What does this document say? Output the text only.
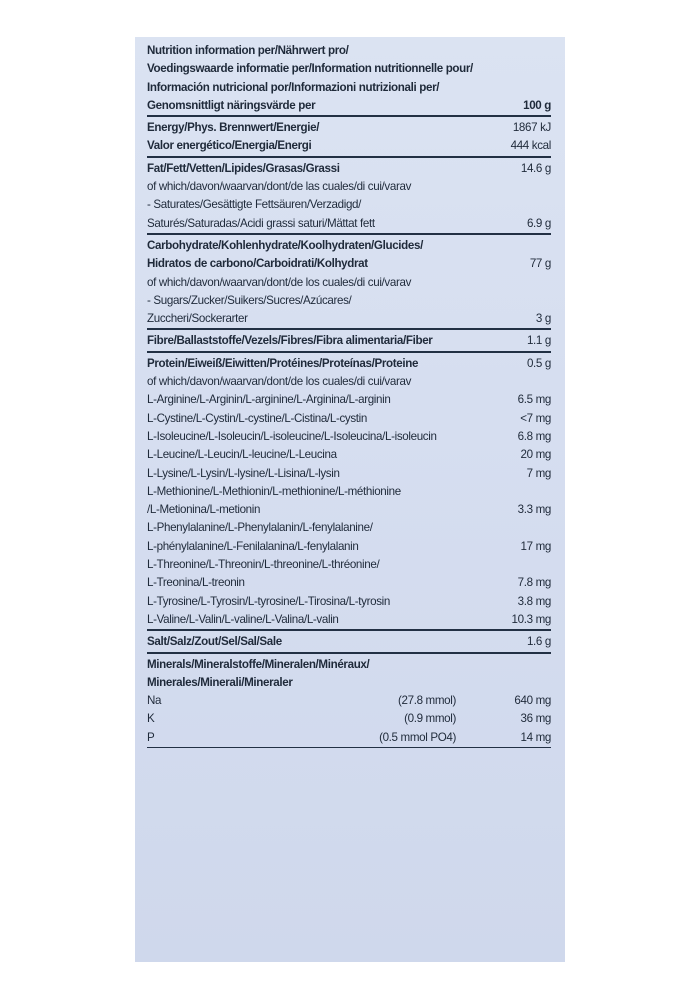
Nutrition information per/Nährwert pro/
Voedingswaarde informatie per/Information nutritionnelle pour/
Información nutricional por/Informazioni nutrizionali per/
Genomsnittligt näringsvärde per	100 g
Energy/Phys. Brennwert/Energie/	1867 kJ
Valor energético/Energia/Energi	444 kcal
Fat/Fett/Vetten/Lipides/Grasas/Grassi	14.6 g
of which/davon/waarvan/dont/de las cuales/di cui/varav
- Saturates/Gesättigte Fettsäuren/Verzadigd/
Saturés/Saturadas/Acidi grassi saturi/Mättat fett	6.9 g
Carbohydrate/Kohlenhydrate/Koolhydraten/Glucides/
Hidratos de carbono/Carboidrati/Kolhydrat	77 g
of which/davon/waarvan/dont/de los cuales/di cui/varav
- Sugars/Zucker/Suikers/Sucres/Azúcares/
Zuccheri/Sockerarter	3 g
Fibre/Ballaststoffe/Vezels/Fibres/Fibra alimentaria/Fiber	1.1 g
Protein/Eiweiß/Eiwitten/Protéines/Proteínas/Proteine	0.5 g
of which/davon/waarvan/dont/de los cuales/di cui/varav
L-Arginine/L-Arginin/L-arginine/L-Arginina/L-arginin	6.5 mg
L-Cystine/L-Cystin/L-cystine/L-Cistina/L-cystin	<7 mg
L-Isoleucine/L-Isoleucin/L-isoleucine/L-Isoleucina/L-isoleucin	6.8 mg
L-Leucine/L-Leucin/L-leucine/L-Leucina	20 mg
L-Lysine/L-Lysin/L-lysine/L-Lisina/L-lysin	7 mg
L-Methionine/L-Methionin/L-methionine/L-méthionine
/L-Metionina/L-metionin	3.3 mg
L-Phenylalanine/L-Phenylalanin/L-fenylalanine/
L-phénylalanine/L-Fenilalanina/L-fenylalanin	17 mg
L-Threonine/L-Threonin/L-threonine/L-thréonine/
L-Treonina/L-treonin	7.8 mg
L-Tyrosine/L-Tyrosin/L-tyrosine/L-Tirosina/L-tyrosin	3.8 mg
L-Valine/L-Valin/L-valine/L-Valina/L-valin	10.3 mg
Salt/Salz/Zout/Sel/Sal/Sale	1.6 g
Minerals/Mineralstoffe/Mineralen/Minéraux/
Minerales/Minerali/Mineraler
Na	(27.8 mmol)	640 mg
K	(0.9 mmol)	36 mg
P	(0.5 mmol PO4)	14 mg
